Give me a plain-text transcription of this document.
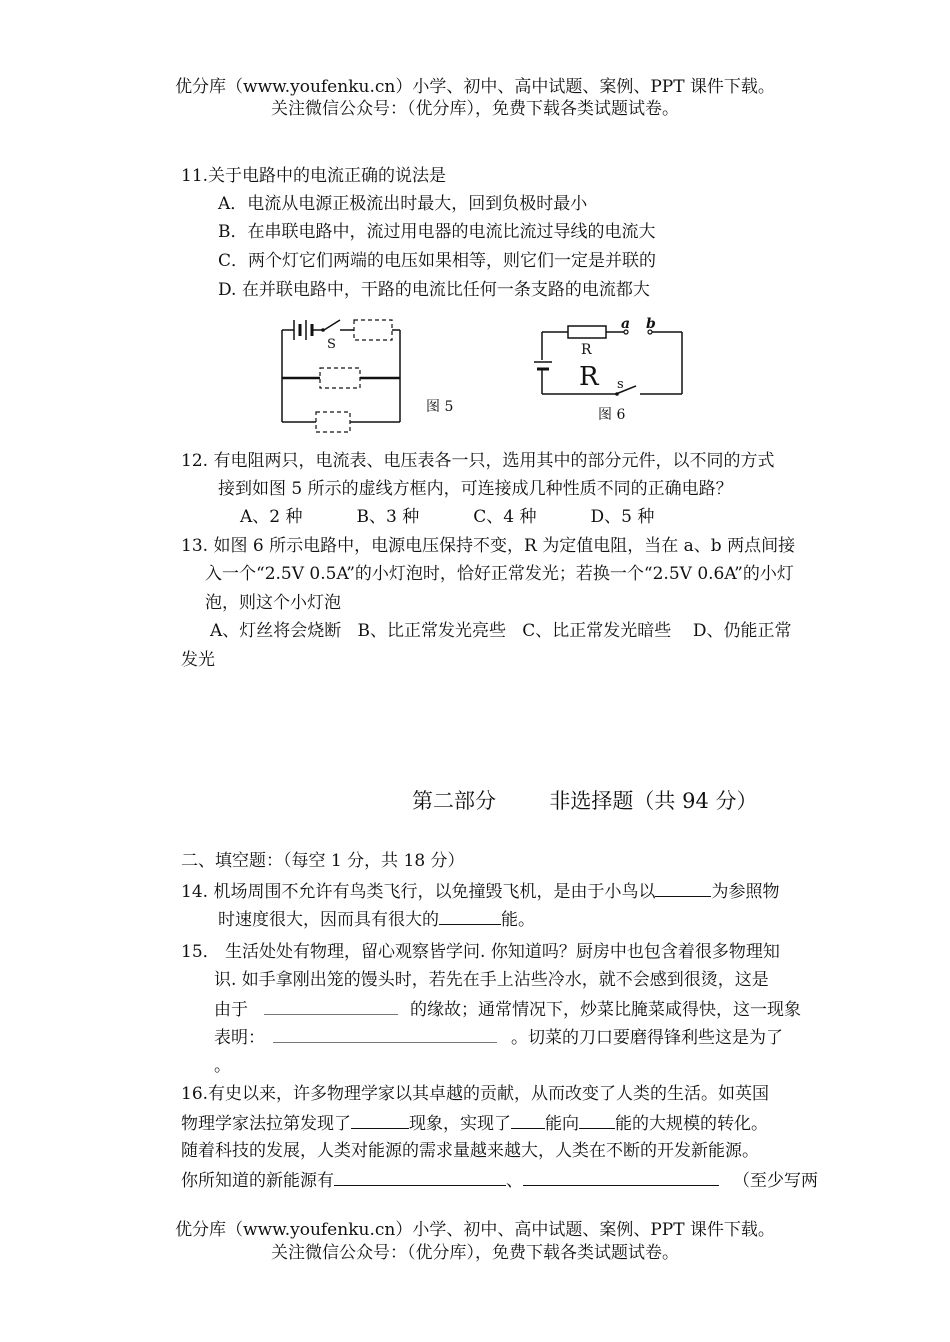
优分库（www.youfenku.cn）小学、初中、高中试题、案例、PPT 课件下载。
关注微信公众号：（优分库），免费下载各类试题试卷。
11.关于电路中的电流正确的说法是
A．电流从电源正极流出时最大，回到负极时最小
B．在串联电路中，流过用电器的电流比流过导线的电流大
C．两个灯它们两端的电压如果相等，则它们一定是并联的
D. 在并联电路中，干路的电流比任何一条支路的电流都大
S
图 5
a b
R
R s
图 6
12. 有电阻两只，电流表、电压表各一只，选用其中的部分元件，以不同的方式
接到如图 5 所示的虚线方框内，可连接成几种性质不同的正确电路？
A、2 种          B、3 种          C、4 种          D、5 种
13. 如图 6 所示电路中，电源电压保持不变，R 为定值电阻，当在 a、b 两点间接
入一个“2.5V 0.5A”的小灯泡时，恰好正常发光；若换一个“2.5V 0.6A”的小灯
泡，则这个小灯泡
A、灯丝将会烧断   B、比正常发光亮些   C、比正常发光暗些    D、仍能正常
发光
第二部分        非选择题（共 94 分）
二、填空题：（每空 1 分，共 18 分）
14. 机场周围不允许有鸟类飞行，以免撞毁飞机，是由于小鸟以	为参照物
时速度很大，因而具有很大的	能。
15． 生活处处有物理，留心观察皆学问. 你知道吗？厨房中也包含着很多物理知
识. 如手拿刚出笼的馒头时，若先在手上沾些冷水，就不会感到很烫，这是
由于	的缘故；通常情况下，炒菜比腌菜咸得快，这一现象
表明：	。切菜的刀口要磨得锋利些这是为了
。
16.有史以来，许多物理学家以其卓越的贡献，从而改变了人类的生活。如英国
物理学家法拉第发现了	现象，实现了 能向 能的大规模的转化。
随着科技的发展，人类对能源的需求量越来越大，人类在不断的开发新能源。
你所知道的新能源有	、	（至少写两
优分库（www.youfenku.cn）小学、初中、高中试题、案例、PPT 课件下载。
关注微信公众号：（优分库），免费下载各类试题试卷。
